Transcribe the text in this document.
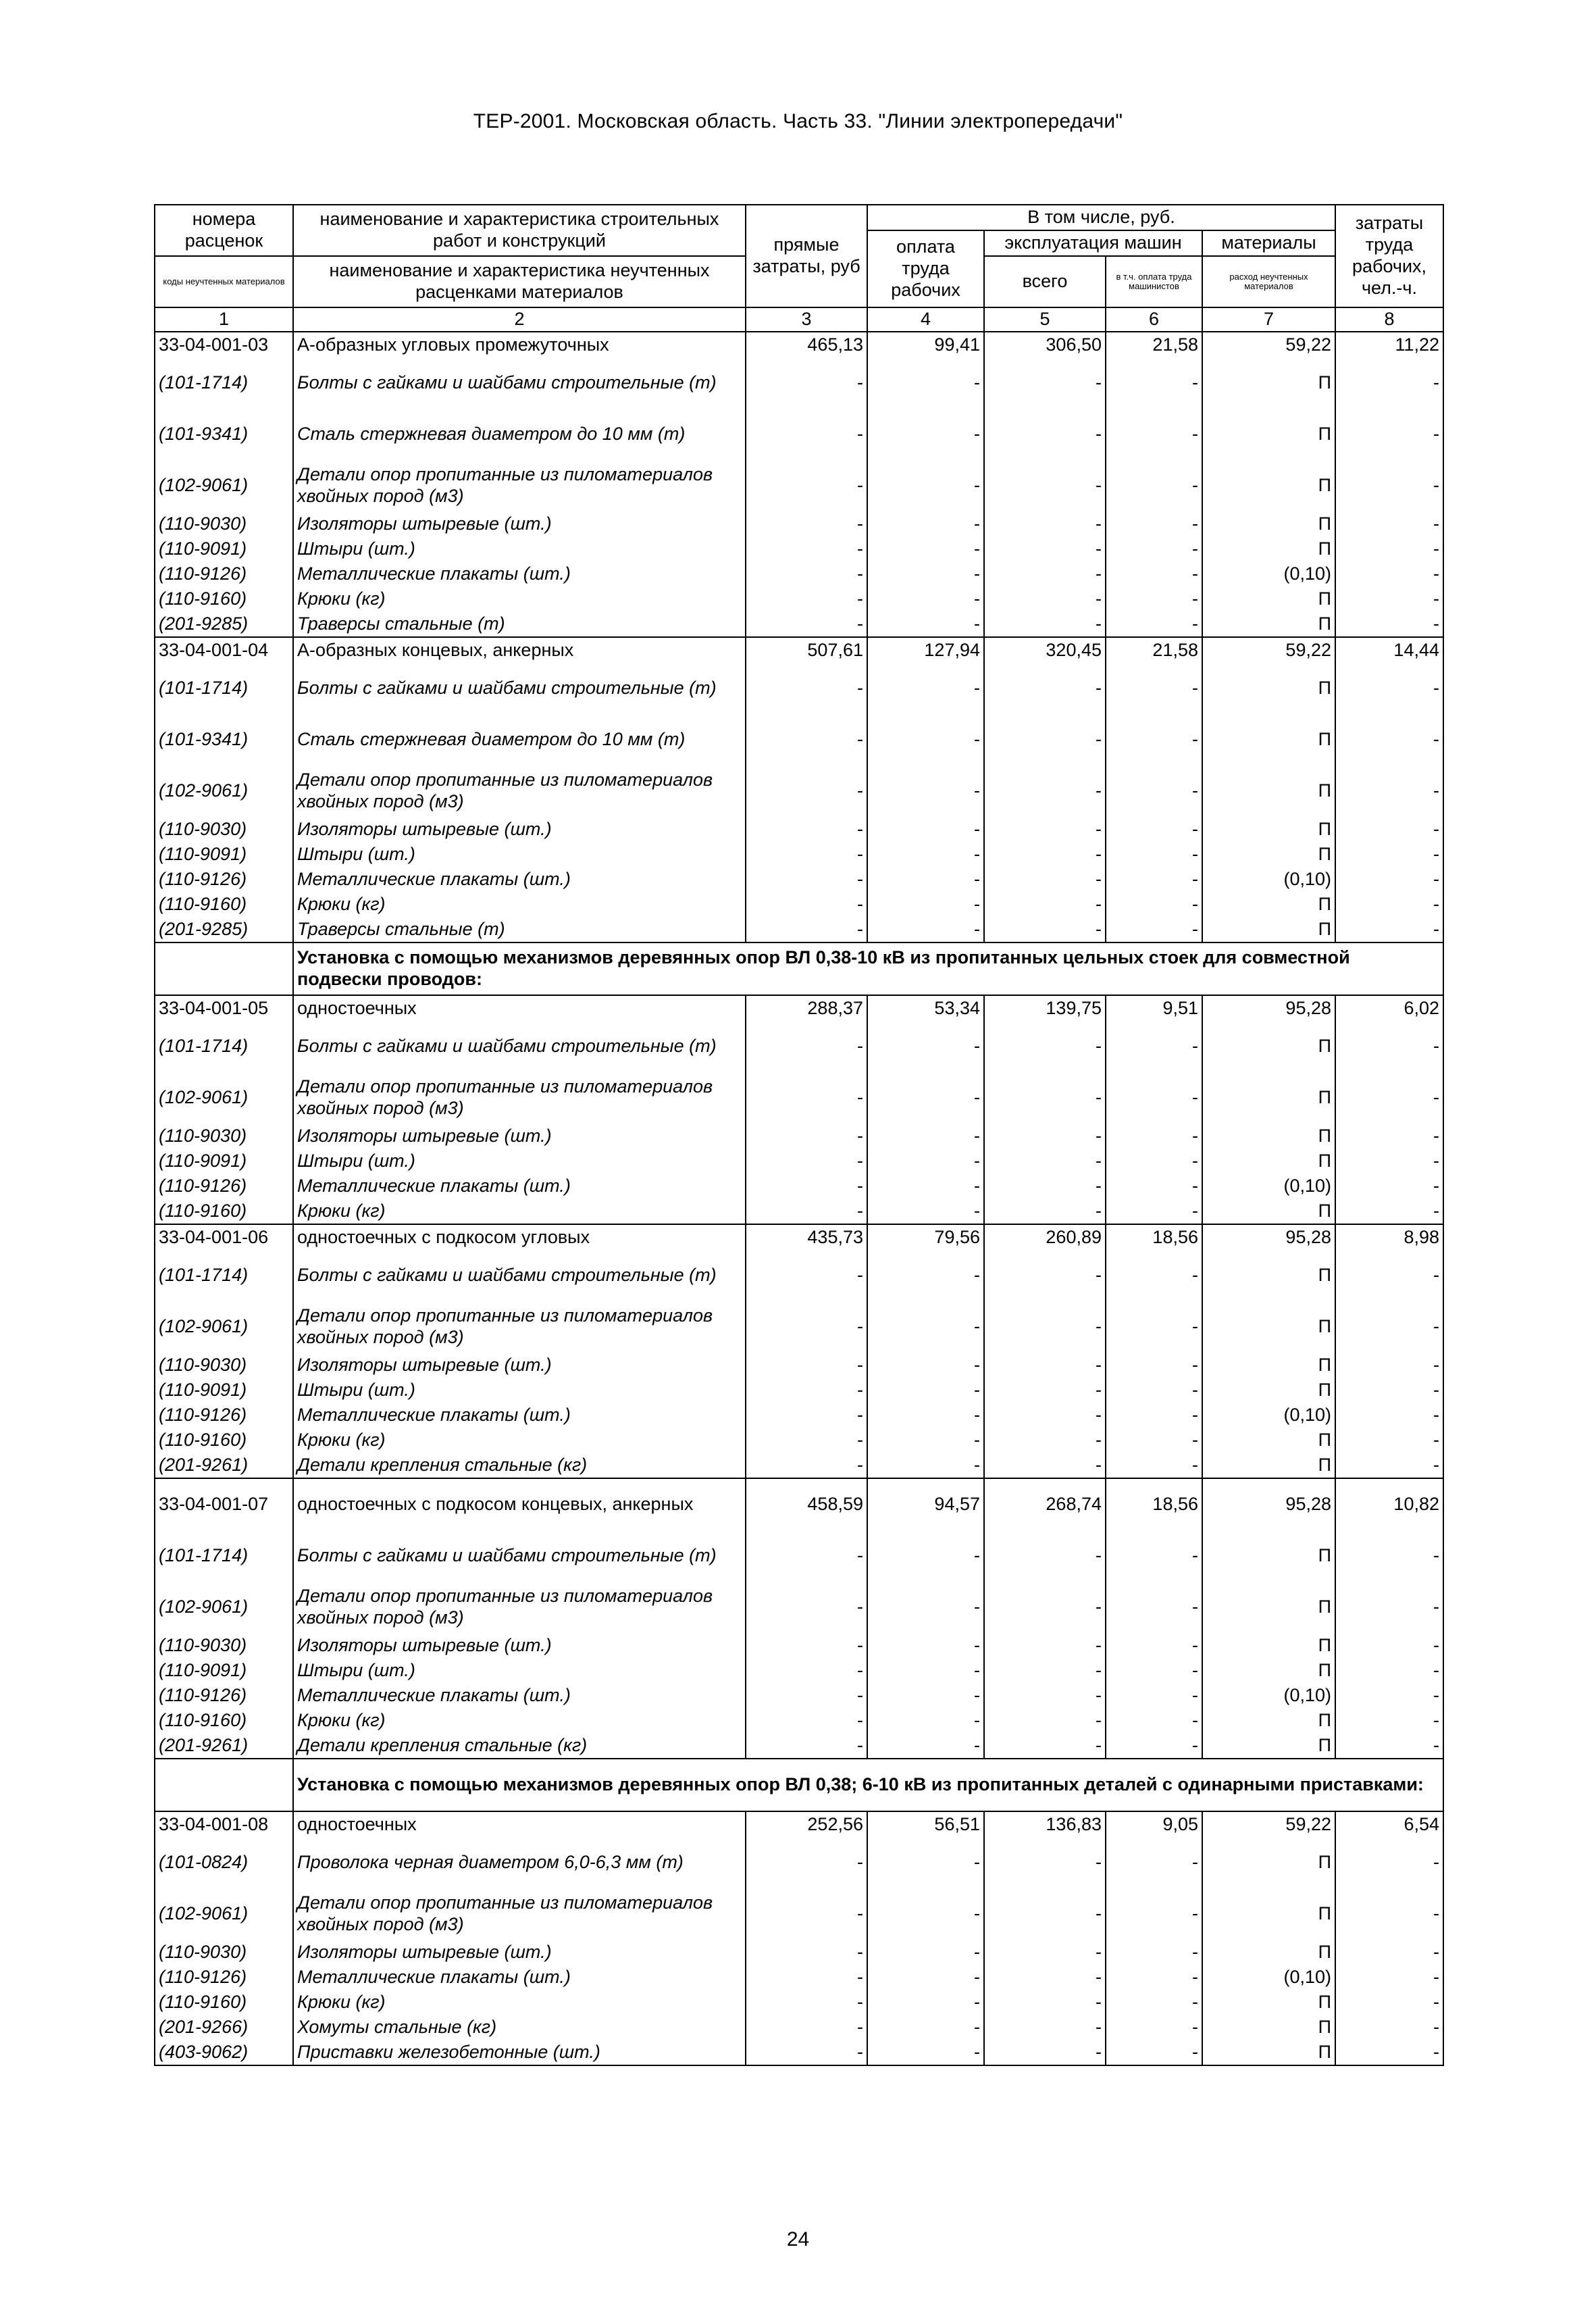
ТЕР-2001. Московская область. Часть 33. "Линии электропередачи"
номера расценок	наименование и характеристика строительных работ и конструкций	прямые затраты, руб	В том числе, руб.				затраты труда рабочих, чел.-ч.
			оплата труда рабочих	эксплуатация машин		материалы	
коды неучтенных материалов	наименование и характеристика неучтенных расценками материалов			всего	в т.ч. оплата труда машинистов	расход неучтенных материалов	

1	2	3	4	5	6	7	8
33-04-001-03	А-образных угловых промежуточных	465,13	99,41	306,50	21,58	59,22	11,22
(101-1714)	Болты с гайками и шайбами строительные (т)	-	-	-	-	П	-
(101-9341)	Сталь стержневая диаметром до 10 мм (т)	-	-	-	-	П	-
(102-9061)	Детали опор пропитанные из пиломатериалов хвойных пород (м3)	-	-	-	-	П	-
(110-9030)	Изоляторы штыревые (шт.)	-	-	-	-	П	-
(110-9091)	Штыри (шт.)	-	-	-	-	П	-
(110-9126)	Металлические плакаты (шт.)	-	-	-	-	(0,10)	-
(110-9160)	Крюки (кг)	-	-	-	-	П	-
(201-9285)	Траверсы стальные (т)	-	-	-	-	П	-
33-04-001-04	А-образных концевых, анкерных	507,61	127,94	320,45	21,58	59,22	14,44
(101-1714)	Болты с гайками и шайбами строительные (т)	-	-	-	-	П	-
(101-9341)	Сталь стержневая диаметром до 10 мм (т)	-	-	-	-	П	-
(102-9061)	Детали опор пропитанные из пиломатериалов хвойных пород (м3)	-	-	-	-	П	-
(110-9030)	Изоляторы штыревые (шт.)	-	-	-	-	П	-
(110-9091)	Штыри (шт.)	-	-	-	-	П	-
(110-9126)	Металлические плакаты (шт.)	-	-	-	-	(0,10)	-
(110-9160)	Крюки (кг)	-	-	-	-	П	-
(201-9285)	Траверсы стальные (т)	-	-	-	-	П	-
	Установка с помощью механизмов деревянных опор ВЛ 0,38-10 кВ из пропитанных цельных стоек для совместной подвески проводов:						
33-04-001-05	одностоечных	288,37	53,34	139,75	9,51	95,28	6,02
(101-1714)	Болты с гайками и шайбами строительные (т)	-	-	-	-	П	-
(102-9061)	Детали опор пропитанные из пиломатериалов хвойных пород (м3)	-	-	-	-	П	-
(110-9030)	Изоляторы штыревые (шт.)	-	-	-	-	П	-
(110-9091)	Штыри (шт.)	-	-	-	-	П	-
(110-9126)	Металлические плакаты (шт.)	-	-	-	-	(0,10)	-
(110-9160)	Крюки (кг)	-	-	-	-	П	-
33-04-001-06	одностоечных с подкосом угловых	435,73	79,56	260,89	18,56	95,28	8,98
(101-1714)	Болты с гайками и шайбами строительные (т)	-	-	-	-	П	-
(102-9061)	Детали опор пропитанные из пиломатериалов хвойных пород (м3)	-	-	-	-	П	-
(110-9030)	Изоляторы штыревые (шт.)	-	-	-	-	П	-
(110-9091)	Штыри (шт.)	-	-	-	-	П	-
(110-9126)	Металлические плакаты (шт.)	-	-	-	-	(0,10)	-
(110-9160)	Крюки (кг)	-	-	-	-	П	-
(201-9261)	Детали крепления стальные (кг)	-	-	-	-	П	-
33-04-001-07	одностоечных с подкосом концевых, анкерных	458,59	94,57	268,74	18,56	95,28	10,82
(101-1714)	Болты с гайками и шайбами строительные (т)	-	-	-	-	П	-
(102-9061)	Детали опор пропитанные из пиломатериалов хвойных пород (м3)	-	-	-	-	П	-
(110-9030)	Изоляторы штыревые (шт.)	-	-	-	-	П	-
(110-9091)	Штыри (шт.)	-	-	-	-	П	-
(110-9126)	Металлические плакаты (шт.)	-	-	-	-	(0,10)	-
(110-9160)	Крюки (кг)	-	-	-	-	П	-
(201-9261)	Детали крепления стальные (кг)	-	-	-	-	П	-
	Установка с помощью механизмов деревянных опор ВЛ 0,38; 6-10 кВ из пропитанных деталей с одинарными приставками:						
33-04-001-08	одностоечных	252,56	56,51	136,83	9,05	59,22	6,54
(101-0824)	Проволока черная диаметром 6,0-6,3 мм (т)	-	-	-	-	П	-
(102-9061)	Детали опор пропитанные из пиломатериалов хвойных пород (м3)	-	-	-	-	П	-
(110-9030)	Изоляторы штыревые (шт.)	-	-	-	-	П	-
(110-9126)	Металлические плакаты (шт.)	-	-	-	-	(0,10)	-
(110-9160)	Крюки (кг)	-	-	-	-	П	-
(201-9266)	Хомуты стальные (кг)	-	-	-	-	П	-
(403-9062)	Приставки железобетонные (шт.)	-	-	-	-	П	-
24
